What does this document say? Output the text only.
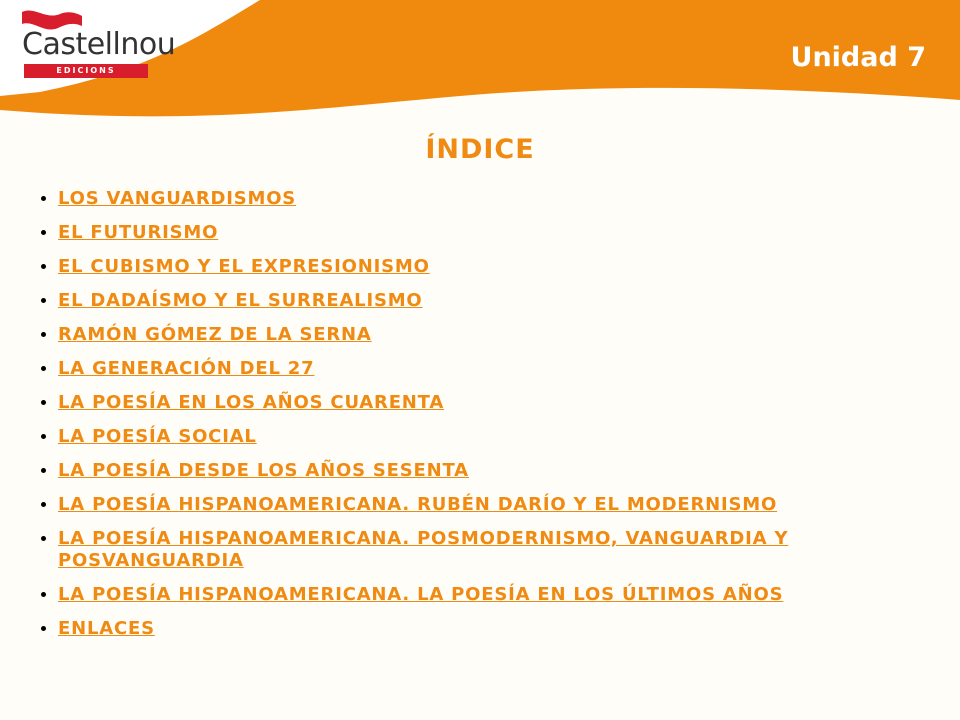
Castellnou
EDICIONS	Unidad 7
ÍNDICE
LOS VANGUARDISMOS
EL FUTURISMO
EL CUBISMO Y EL EXPRESIONISMO
EL DADAÍSMO Y EL SURREALISMO
RAMÓN GÓMEZ DE LA SERNA
LA GENERACIÓN DEL 27
LA POESÍA EN LOS AÑOS CUARENTA
LA POESÍA SOCIAL
LA POESÍA DESDE LOS AÑOS SESENTA
LA POESÍA HISPANOAMERICANA. RUBÉN DARÍO Y EL MODERNISMO
LA POESÍA HISPANOAMERICANA. POSMODERNISMO, VANGUARDIA Y POSVANGUARDIA
LA POESÍA HISPANOAMERICANA. LA POESÍA EN LOS ÚLTIMOS AÑOS
ENLACES
